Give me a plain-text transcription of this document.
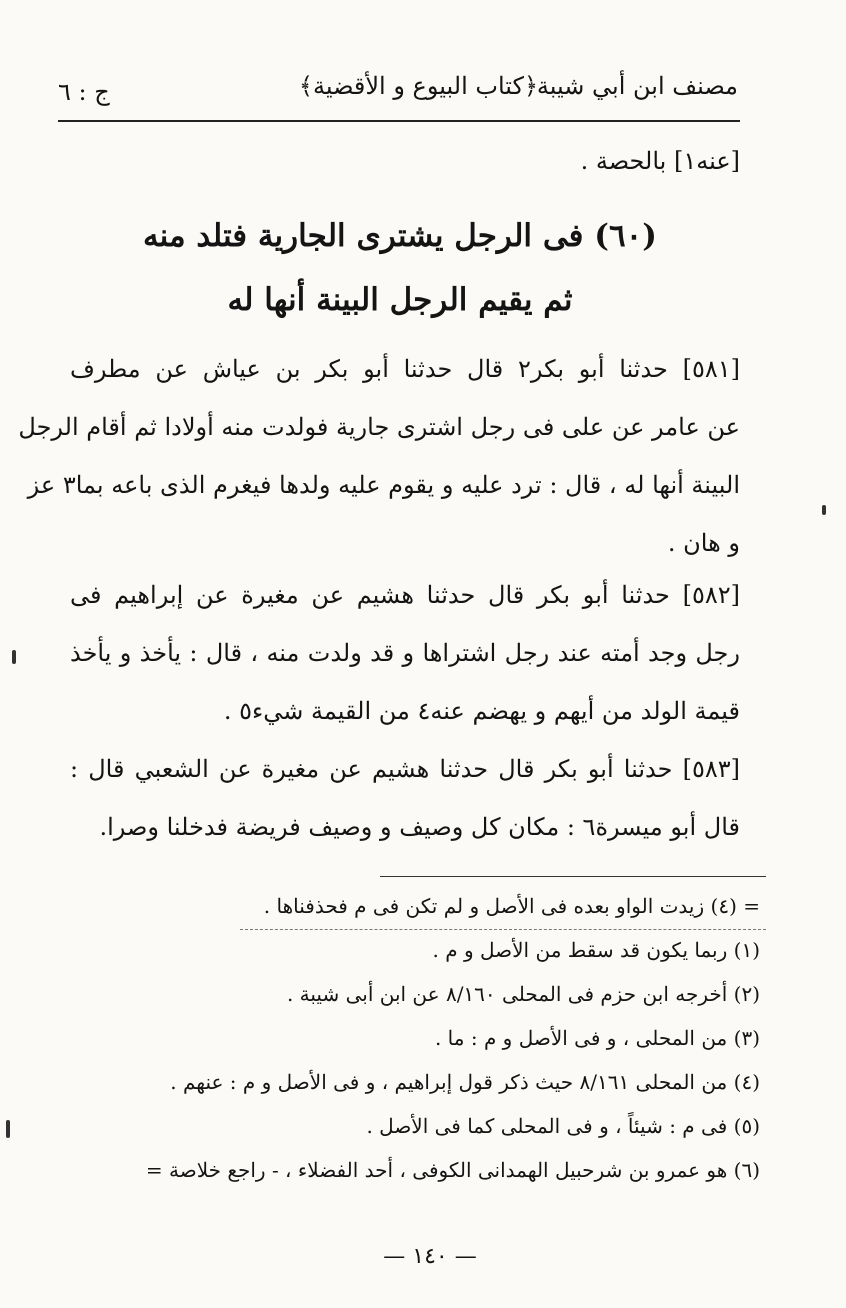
مصنف ابن أبي شيبة
﴿كتاب البيوع و الأقضية﴾
ج : ٦
[عنه١] بالحصة .
(٦٠) فى الرجل يشترى الجارية فتلد منه
ثم يقيم الرجل البينة أنها له
[٥٨١] حدثنا أبو بكر٢ قال حدثنا أبو بكر بن عياش عن مطرف
عن عامر عن على فى رجل اشترى جارية فولدت منه أولادا ثم أقام الرجل
البينة أنها له ، قال : ترد عليه و يقوم عليه ولدها فيغرم الذى باعه بما٣ عز
و هان .
[٥٨٢] حدثنا أبو بكر قال حدثنا هشيم عن مغيرة عن إبراهيم فى
رجل وجد أمته عند رجل اشتراها و قد ولدت منه ، قال : يأخذ و يأخذ
قيمة الولد من أيهم و يهضم عنه٤ من القيمة شيء٥ .
[٥٨٣] حدثنا أبو بكر قال حدثنا هشيم عن مغيرة عن الشعبي قال :
قال أبو ميسرة٦ : مكان كل وصيف و وصيف فريضة فدخلنا وصرا.
= (٤) زيدت الواو بعده فى الأصل و لم تكن فى م فحذفناها .
(١) ربما يكون قد سقط من الأصل و م .
(٢) أخرجه ابن حزم فى المحلى ٨/١٦٠ عن ابن أبى شيبة .
(٣) من المحلى ، و فى الأصل و م : ما .
(٤) من المحلى ٨/١٦١ حيث ذكر قول إبراهيم ، و فى الأصل و م : عنهم .
(٥) فى م : شيئاً ، و فى المحلى كما فى الأصل .
(٦) هو عمرو بن شرحبيل الهمدانى الكوفى ، أحد الفضلاء ، - راجع خلاصة =
— ١٤٠ —
